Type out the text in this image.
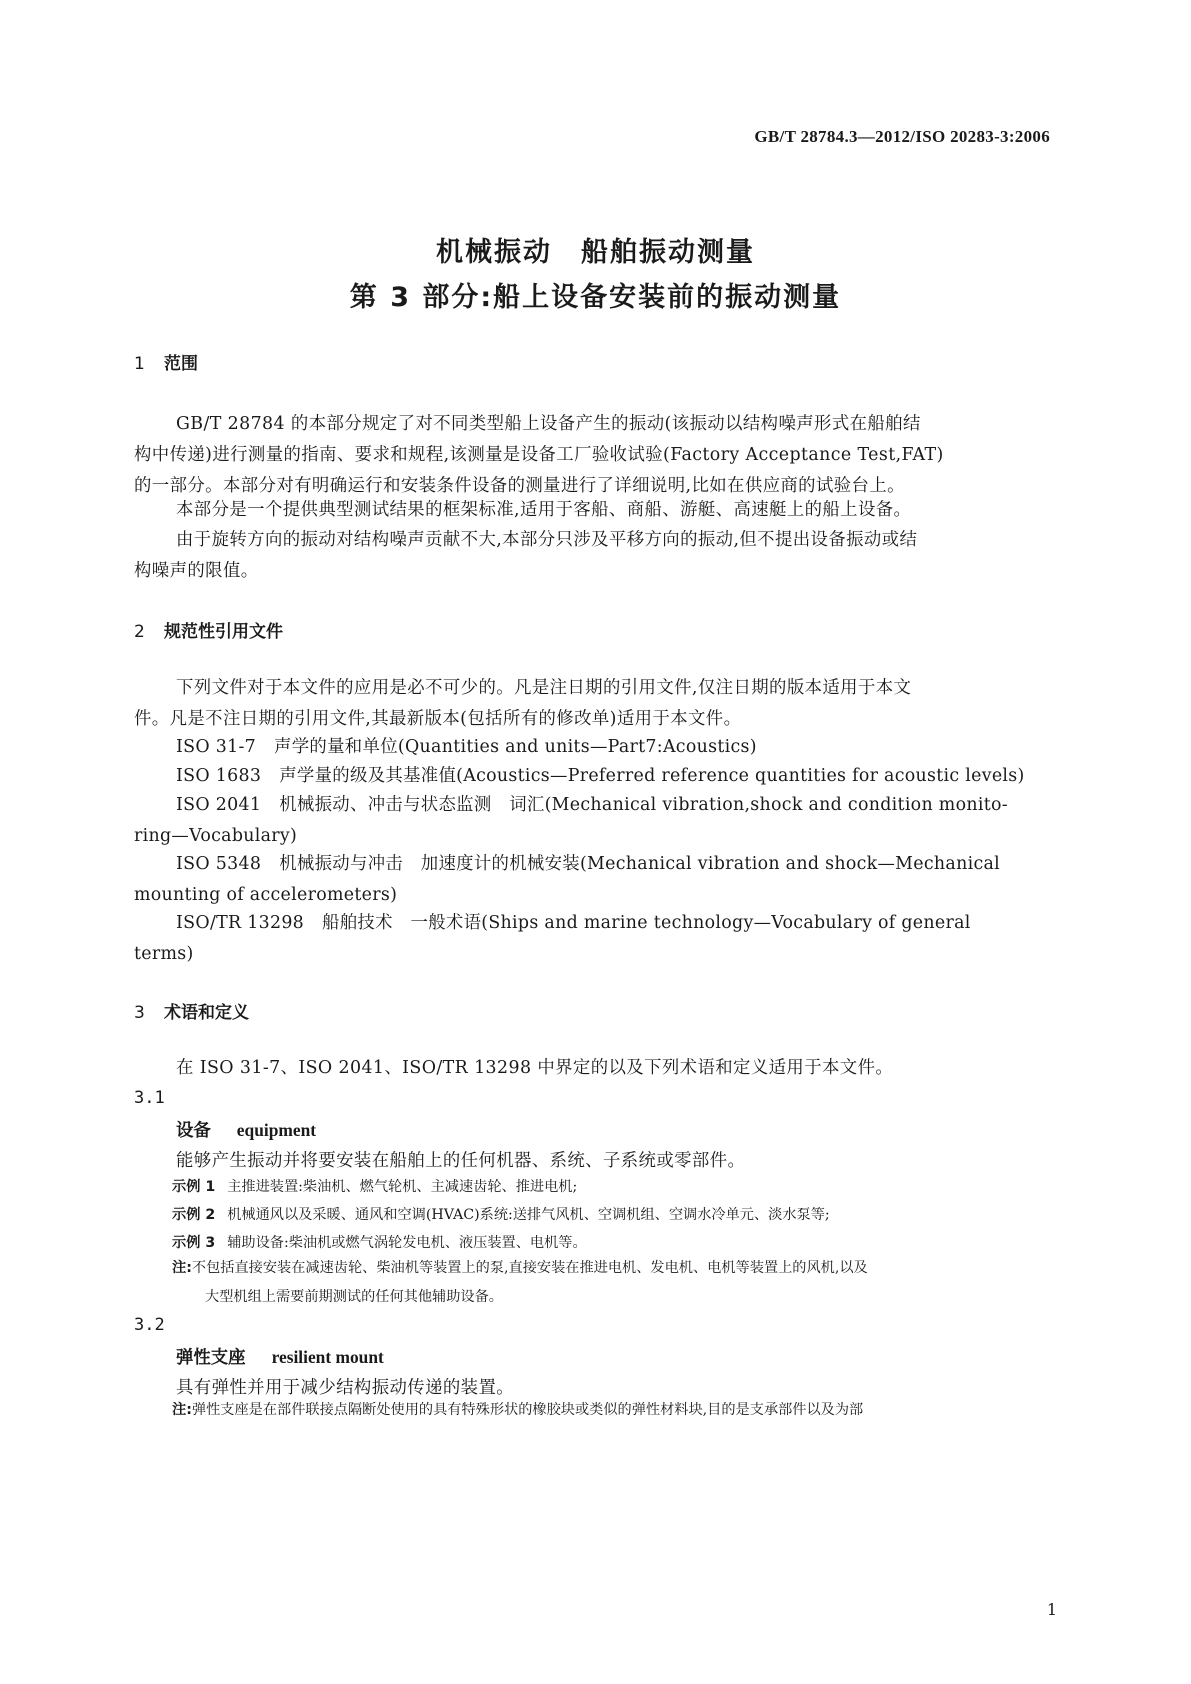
GB/T 28784.3—2012/ISO 20283-3:2006
机械振动　船舶振动测量
第 3 部分:船上设备安装前的振动测量
1 范围
GB/T 28784 的本部分规定了对不同类型船上设备产生的振动(该振动以结构噪声形式在船舶结
构中传递)进行测量的指南、要求和规程,该测量是设备工厂验收试验(Factory Acceptance Test,FAT)
的一部分。本部分对有明确运行和安装条件设备的测量进行了详细说明,比如在供应商的试验台上。
本部分是一个提供典型测试结果的框架标准,适用于客船、商船、游艇、高速艇上的船上设备。
由于旋转方向的振动对结构噪声贡献不大,本部分只涉及平移方向的振动,但不提出设备振动或结
构噪声的限值。
2 规范性引用文件
下列文件对于本文件的应用是必不可少的。凡是注日期的引用文件,仅注日期的版本适用于本文
件。凡是不注日期的引用文件,其最新版本(包括所有的修改单)适用于本文件。
ISO 31-7 声学的量和单位(Quantities and units—Part7:Acoustics)
ISO 1683 声学量的级及其基准值(Acoustics—Preferred reference quantities for acoustic levels)
ISO 2041 机械振动、冲击与状态监测　词汇(Mechanical vibration,shock and condition monito-
ring—Vocabulary)
ISO 5348 机械振动与冲击　加速度计的机械安装(Mechanical vibration and shock—Mechanical
mounting of accelerometers)
ISO/TR 13298 船舶技术　一般术语(Ships and marine technology—Vocabulary of general
terms)
3 术语和定义
在 ISO 31-7、ISO 2041、ISO/TR 13298 中界定的以及下列术语和定义适用于本文件。
3.1
设备 equipment
能够产生振动并将要安装在船舶上的任何机器、系统、子系统或零部件。
示例 1 主推进装置:柴油机、燃气轮机、主减速齿轮、推进电机;
示例 2 机械通风以及采暖、通风和空调(HVAC)系统:送排气风机、空调机组、空调水冷单元、淡水泵等;
示例 3 辅助设备:柴油机或燃气涡轮发电机、液压装置、电机等。
注:不包括直接安装在减速齿轮、柴油机等装置上的泵,直接安装在推进电机、发电机、电机等装置上的风机,以及
大型机组上需要前期测试的任何其他辅助设备。
3.2
弹性支座 resilient mount
具有弹性并用于减少结构振动传递的装置。
注:弹性支座是在部件联接点隔断处使用的具有特殊形状的橡胶块或类似的弹性材料块,目的是支承部件以及为部
1
